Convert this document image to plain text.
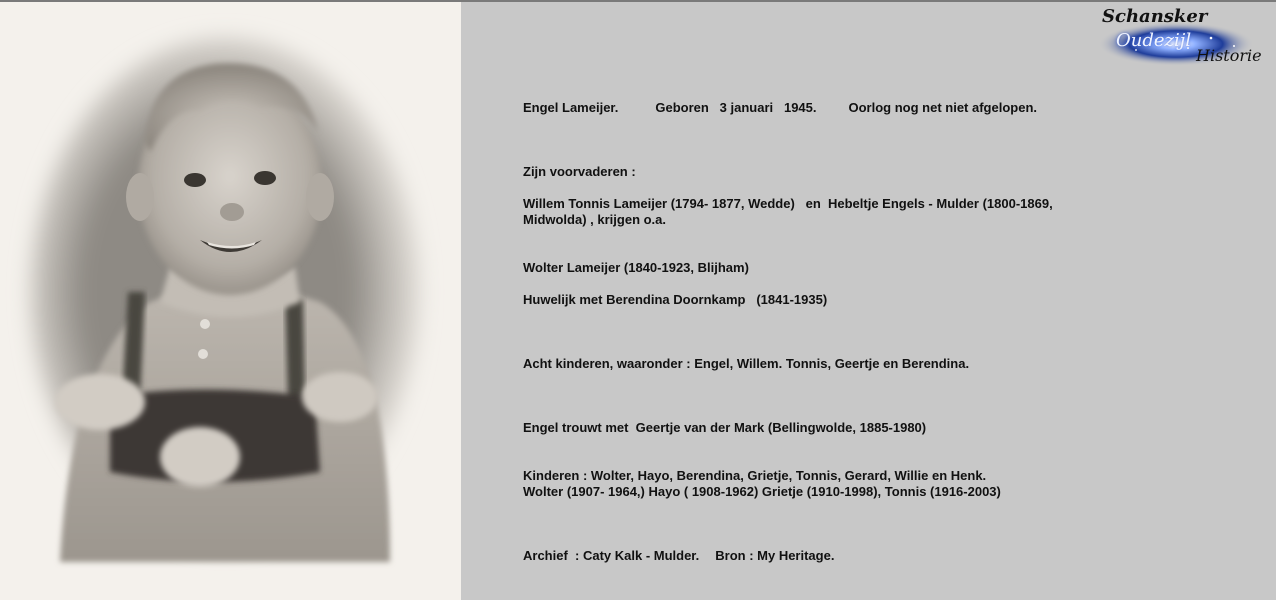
Schansker
Oudezijl
Historie

Engel Lameijer.	Geboren   3 januari   1945. Oorlog nog net niet afgelopen.

Zijn voorvaderen :

Willem Tonnis Lameijer (1794- 1877, Wedde)   en  Hebeltje Engels - Mulder (1800-1869,

Midwolda) , krijgen o.a.

Wolter Lameijer (1840-1923, Blijham)

Huwelijk met Berendina Doornkamp   (1841-1935)

Acht kinderen, waaronder : Engel, Willem. Tonnis, Geertje en Berendina.

Engel trouwt met  Geertje van der Mark (Bellingwolde, 1885-1980)

Kinderen : Wolter, Hayo, Berendina, Grietje, Tonnis, Gerard, Willie en Henk.

Wolter (1907- 1964,) Hayo ( 1908-1962) Grietje (1910-1998), Tonnis (1916-2003)

Archief  : Caty Kalk - Mulder. Bron : My Heritage.
